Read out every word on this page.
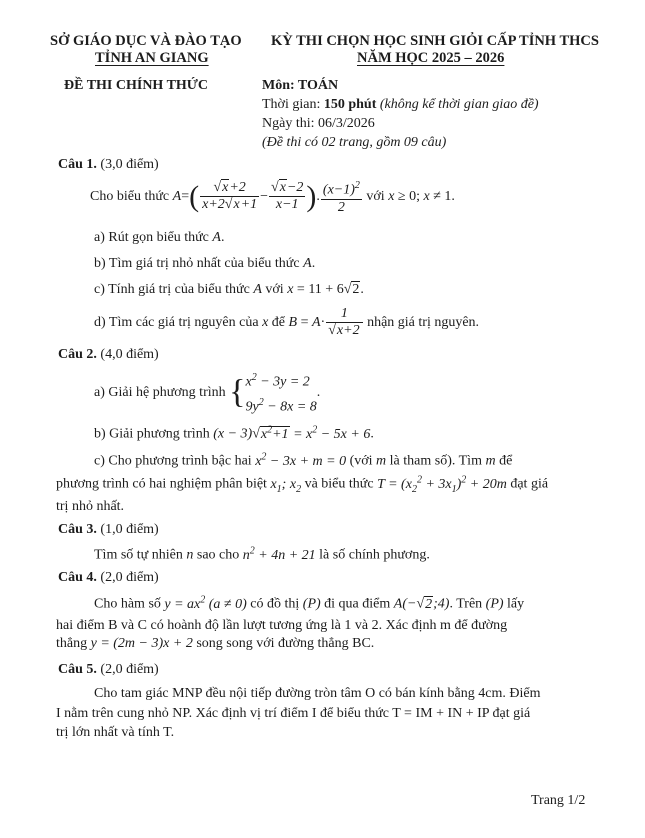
SỞ GIÁO DỤC VÀ ĐÀO TẠO
TỈNH AN GIANG
KỲ THI CHỌN HỌC SINH GIỎI CẤP TỈNH THCS
NĂM HỌC 2025 – 2026
ĐỀ THI CHÍNH THỨC	Môn: TOÁN
Thời gian: 150 phút (không kể thời gian giao đề)
Ngày thi: 06/3/2026
(Đề thi có 02 trang, gồm 09 câu)
Câu 1. (3,0 điểm)
Cho biểu thức $A=( \frac{√x+2}{x+2√x+1} - \frac{√x-2}{x-1}$ ). $\frac{(x-1)^2}{2}$ với x ≥ 0; x ≠ 1.
a) Rút gọn biểu thức A.
b) Tìm giá trị nhỏ nhất của biểu thức A.
c) Tính giá trị của biểu thức A với x = 11 + 6√2.
d) Tìm các giá trị nguyên của x để $B = A\cdot \frac{1}{√x+2}$ nhận giá trị nguyên.
Câu 2. (4,0 điểm)
a) Giải hệ phương trình { $x^2 - 3y = 2$
$9y^2 - 8x = 8$
.
b) Giải phương trình $(x - 3)√x^2+1 = x^2 - 5x + 6$.
c) Cho phương trình bậc hai $x^2 - 3x + m = 0$ (với m là tham số). Tìm m để
phương trình có hai nghiệm phân biệt $x_1$; $x_2$ và biểu thức $T = (x_2^2 + 3x_1)^2 + 20m$ đạt giá
trị nhỏ nhất.
Câu 3. (1,0 điểm)
Tìm số tự nhiên n sao cho $n^2 + 4n + 21$ là số chính phương.
Câu 4. (2,0 điểm)
Cho hàm số $y = ax^2$ (a ≠ 0) có đồ thị (P) đi qua điểm A(−√2;4). Trên (P) lấy
hai điểm B và C có hoành độ lần lượt tương ứng là 1 và 2. Xác định m để đường
thẳng y = (2m − 3)x + 2 song song với đường thẳng BC.
Câu 5. (2,0 điểm)
Cho tam giác MNP đều nội tiếp đường tròn tâm O có bán kính bằng 4cm. Điểm
I nằm trên cung nhỏ NP. Xác định vị trí điểm I để biểu thức T = IM + IN + IP đạt giá
trị lớn nhất và tính T.
Trang 1/2
